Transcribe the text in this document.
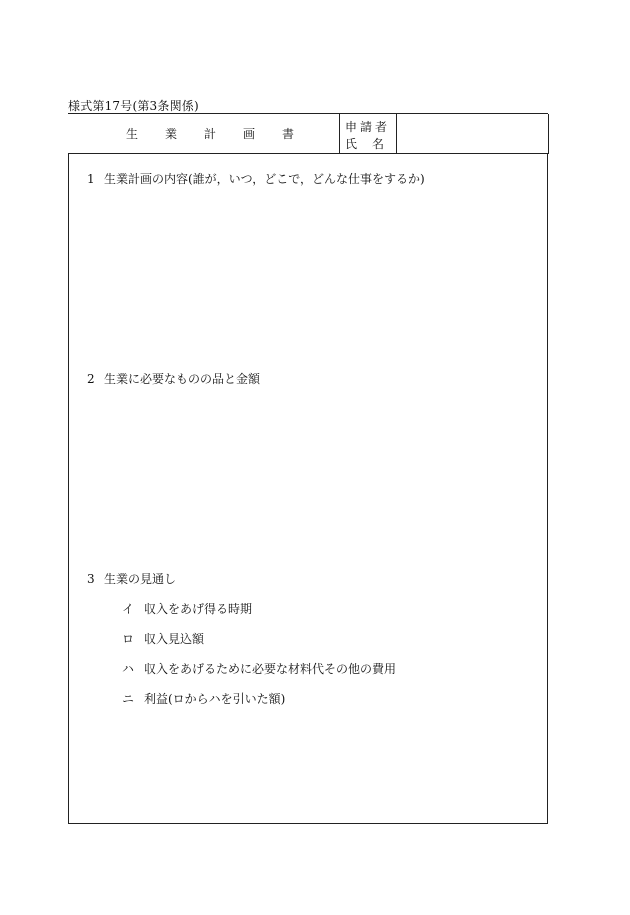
様式第17号(第3条関係)
生業計画書 申請者
氏名
1 生業計画の内容(誰が，いつ，どこで，どんな仕事をするか)
2 生業に必要なものの品と金額
3 生業の見通し
イ 収入をあげ得る時期
ロ 収入見込額
ハ 収入をあげるために必要な材料代その他の費用
ニ 利益(ロからハを引いた額)
